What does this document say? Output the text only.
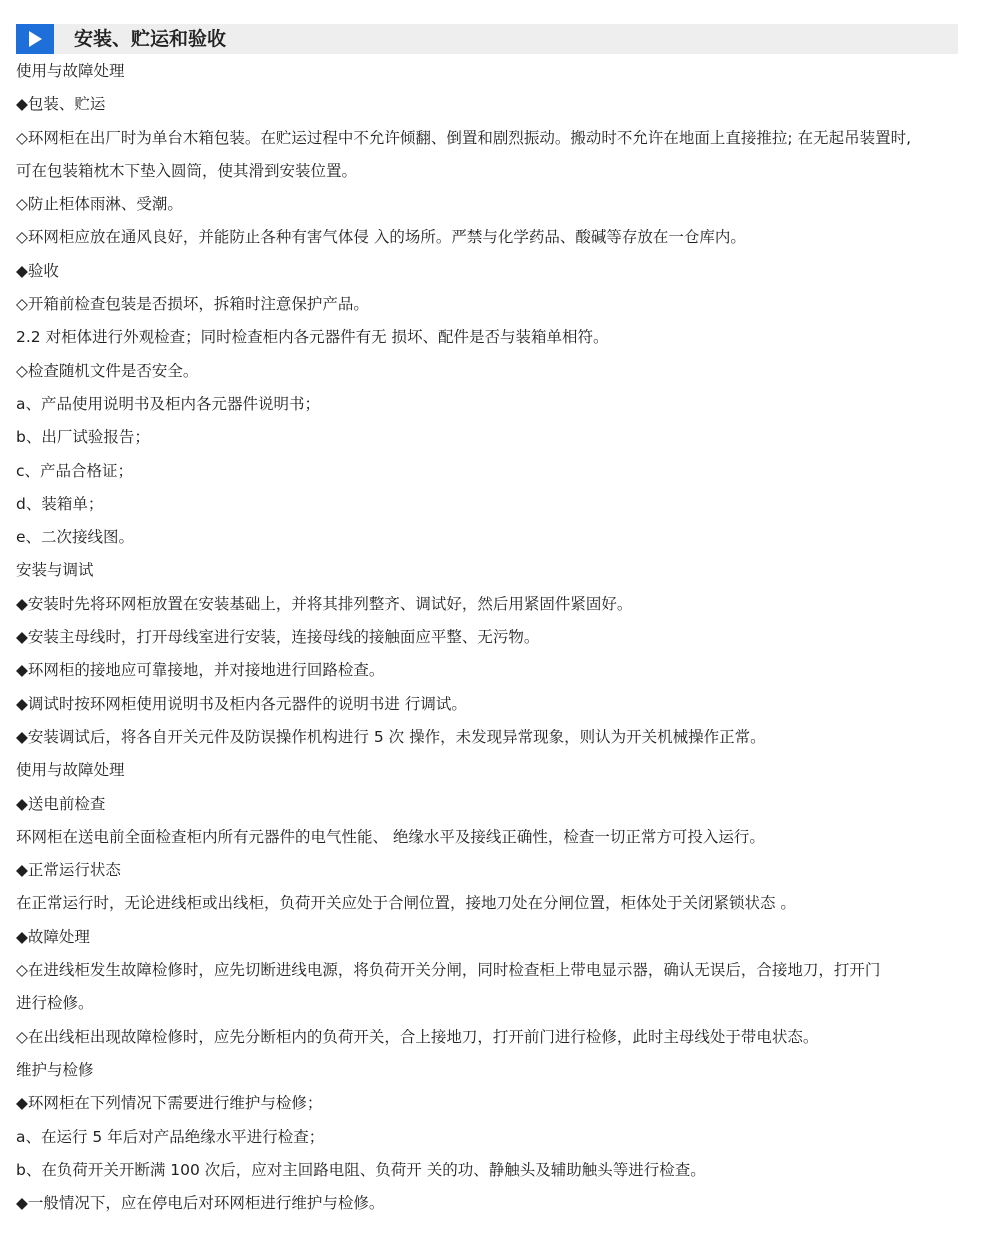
安装、贮运和验收
使用与故障处理
◆包装、贮运
◇环网柜在出厂时为单台木箱包装。在贮运过程中不允许倾翻、倒置和剧烈振动。搬动时不允许在地面上直接推拉; 在无起吊装置时,
可在包装箱枕木下垫入圆筒，使其滑到安装位置。
◇防止柜体雨淋、受潮。
◇环网柜应放在通风良好，并能防止各种有害气体侵 入的场所。严禁与化学药品、酸碱等存放在一仓库内。
◆验收
◇开箱前检查包装是否损坏，拆箱时注意保护产品。
2.2 对柜体进行外观检查；同时检查柜内各元器件有无 损坏、配件是否与装箱单相符。
◇检查随机文件是否安全。
a、产品使用说明书及柜内各元器件说明书；
b、出厂试验报告；
c、产品合格证；
d、装箱单；
e、二次接线图。
安装与调试
◆安装时先将环网柜放置在安装基础上，并将其排列整齐、调试好，然后用紧固件紧固好。
◆安装主母线时，打开母线室进行安装，连接母线的接触面应平整、无污物。
◆环网柜的接地应可靠接地，并对接地进行回路检查。
◆调试时按环网柜使用说明书及柜内各元器件的说明书进 行调试。
◆安装调试后，将各自开关元件及防误操作机构进行 5 次 操作，未发现异常现象，则认为开关机械操作正常。
使用与故障处理
◆送电前检查
环网柜在送电前全面检查柜内所有元器件的电气性能、 绝缘水平及接线正确性，检查一切正常方可投入运行。
◆正常运行状态
在正常运行时，无论进线柜或出线柜，负荷开关应处于合闸位置，接地刀处在分闸位置，柜体处于关闭紧锁状态 。
◆故障处理
◇在进线柜发生故障检修时，应先切断进线电源，将负荷开关分闸，同时检查柜上带电显示器，确认无误后，合接地刀，打开门
进行检修。
◇在出线柜出现故障检修时，应先分断柜内的负荷开关，合上接地刀，打开前门进行检修，此时主母线处于带电状态。
维护与检修
◆环网柜在下列情况下需要进行维护与检修；
a、在运行 5 年后对产品绝缘水平进行检查；
b、在负荷开关开断满 100 次后，应对主回路电阻、负荷开 关的功、静触头及辅助触头等进行检查。
◆一般情况下，应在停电后对环网柜进行维护与检修。
